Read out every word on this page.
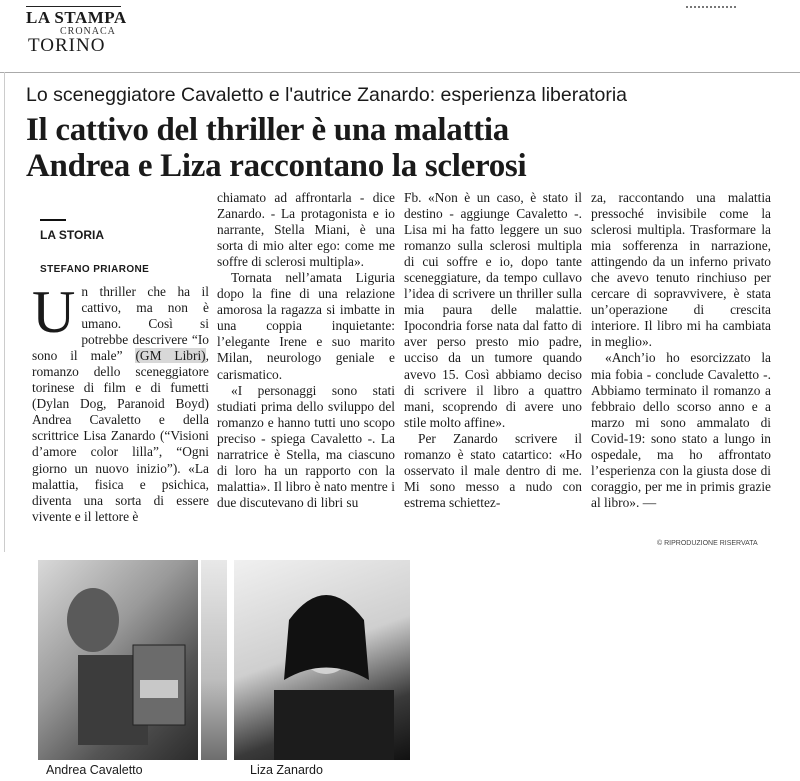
LA STAMPA
CRONACA
TORINO
Lo sceneggiatore Cavaletto e l'autrice Zanardo: esperienza liberatoria
Il cattivo del thriller è una malattia
Andrea e Liza raccontano la sclerosi
LA STORIA
STEFANO PRIARONE

Un thriller che ha il cattivo, ma non è umano. Così si potrebbe descrivere “Io sono il male” (GM Libri), romanzo dello sceneggiatore torinese di film e di fumetti (Dylan Dog, Paranoid Boyd) Andrea Cavaletto e della scrittrice Lisa Zanardo (“Visioni d’amore color lilla”, “Ogni giorno un nuovo inizio”). «La malattia, fisica e psichica, diventa una sorta di essere vivente e il lettore è

chiamato ad affrontarla - dice Zanardo. - La protagonista e io narrante, Stella Miani, è una sorta di mio alter ego: come me soffre di sclerosi multipla».

Tornata nell’amata Liguria dopo la fine di una relazione amorosa la ragazza si imbatte in una coppia inquietante: l’elegante Irene e suo marito Milan, neurologo geniale e carismatico.

«I personaggi sono stati studiati prima dello sviluppo del romanzo e hanno tutti uno scopo preciso - spiega Cavaletto -. La narratrice è Stella, ma ciascuno di loro ha un rapporto con la malattia». Il libro è nato mentre i due discutevano di libri su

Fb. «Non è un caso, è stato il destino - aggiunge Cavaletto -. Lisa mi ha fatto leggere un suo romanzo sulla sclerosi multipla di cui soffre e io, dopo tante sceneggiature, da tempo cullavo l’idea di scrivere un thriller sulla mia paura delle malattie. Ipocondria forse nata dal fatto di aver perso presto mio padre, ucciso da un tumore quando avevo 15. Così abbiamo deciso di scrivere il libro a quattro mani, scoprendo di avere uno stile molto affine».

Per Zanardo scrivere il romanzo è stato catartico: «Ho osservato il male dentro di me. Mi sono messo a nudo con estrema schiettez-

za, raccontando una malattia pressoché invisibile come la sclerosi multipla. Trasformare la mia sofferenza in narrazione, attingendo da un inferno privato che avevo tenuto rinchiuso per cercare di sopravvivere, è stata un’operazione di crescita interiore. Il libro mi ha cambiata in meglio».

«Anch’io ho esorcizzato la mia fobia - conclude Cavaletto -. Abbiamo terminato il romanzo a febbraio dello scorso anno e a marzo mi sono ammalato di Covid-19: sono stato a lungo in ospedale, ma ho affrontato l’esperienza con la giusta dose di coraggio, per me in primis grazie al libro». —

© RIPRODUZIONE RISERVATA
Andrea Cavaletto	Liza Zanardo
